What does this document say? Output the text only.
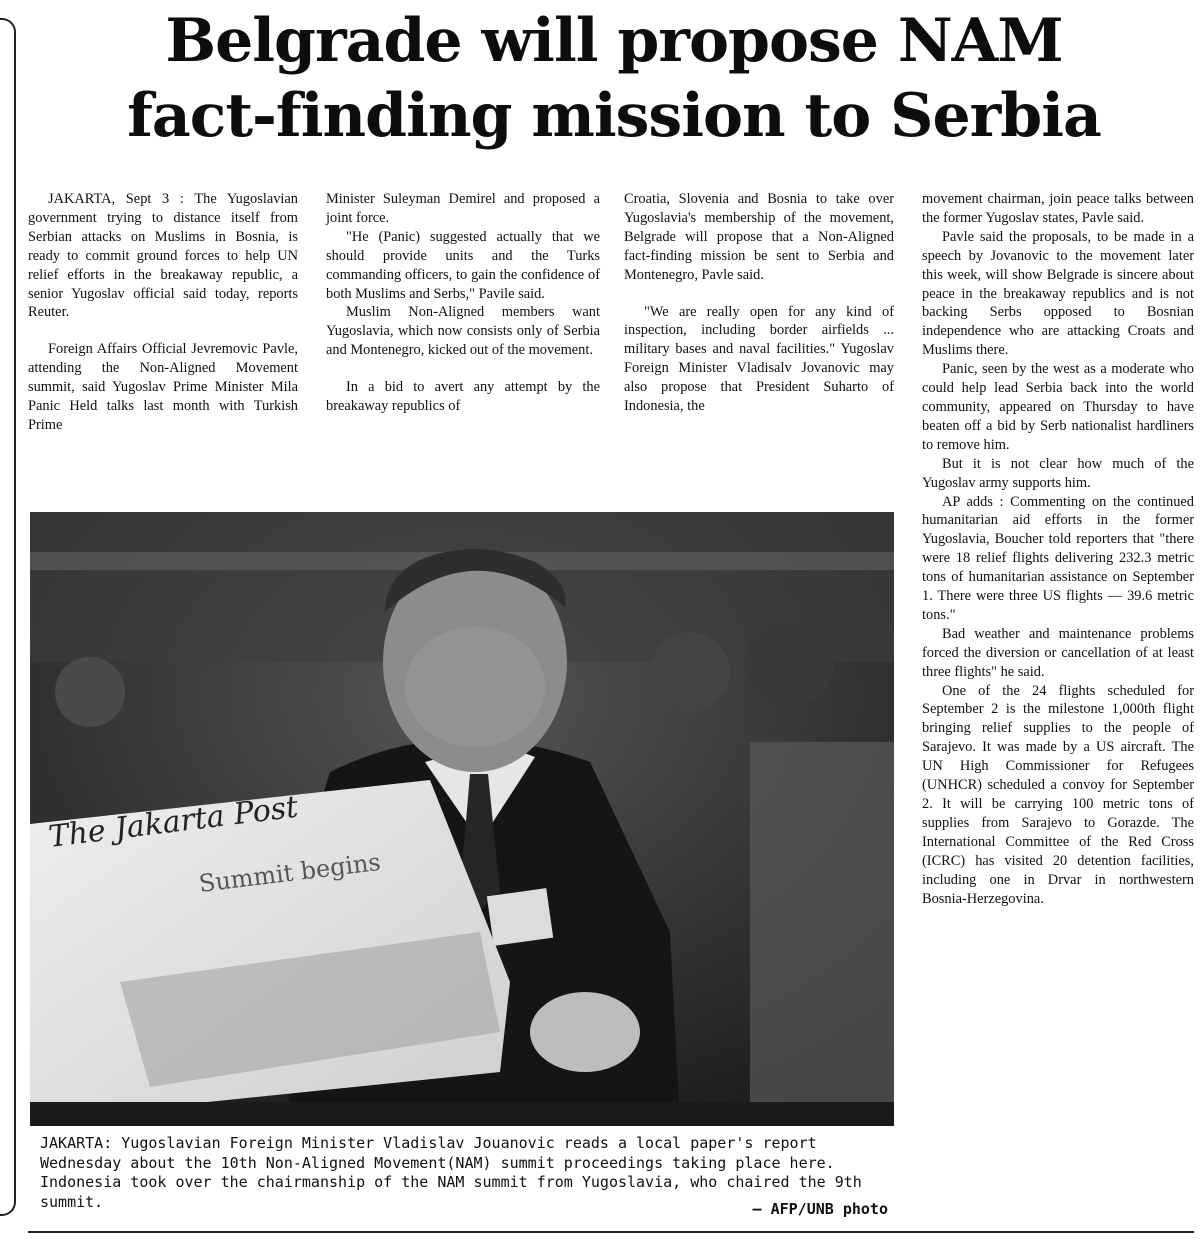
Belgrade will propose NAM
fact-finding mission to Serbia

JAKARTA, Sept 3 : The Yugoslavian government trying to distance itself from Serbian attacks on Muslims in Bosnia, is ready to commit ground forces to help UN relief efforts in the breakaway republic, a senior Yugoslav official said today, reports Reuter.

Foreign Affairs Official Jevremovic Pavle, attending the Non-Aligned Movement summit, said Yugoslav Prime Minister Mila Panic Held talks last month with Turkish Prime

Minister Suleyman Demirel and proposed a joint force.

"He (Panic) suggested actually that we should provide units and the Turks commanding officers, to gain the confidence of both Muslims and Serbs," Pavile said.

Muslim Non-Aligned members want Yugoslavia, which now consists only of Serbia and Montenegro, kicked out of the movement.

In a bid to avert any attempt by the breakaway republics of

Croatia, Slovenia and Bosnia to take over Yugoslavia's membership of the movement, Belgrade will propose that a Non-Aligned fact-finding mission be sent to Serbia and Montenegro, Pavle said.

"We are really open for any kind of inspection, including border airfields ... military bases and naval facilities." Yugoslav Foreign Minister Vladisalv Jovanovic may also propose that President Suharto of Indonesia, the

movement chairman, join peace talks between the former Yugoslav states, Pavle said.

Pavle said the proposals, to be made in a speech by Jovanovic to the movement later this week, will show Belgrade is sincere about peace in the breakaway republics and is not backing Serbs opposed to Bosnian independence who are attacking Croats and Muslims there.

Panic, seen by the west as a moderate who could help lead Serbia back into the world community, appeared on Thursday to have beaten off a bid by Serb nationalist hardliners to remove him.

But it is not clear how much of the Yugoslav army supports him.

AP adds : Commenting on the continued humanitarian aid efforts in the former Yugoslavia, Boucher told reporters that "there were 18 relief flights delivering 232.3 metric tons of humanitarian assistance on September 1. There were three US flights — 39.6 metric tons."

Bad weather and maintenance problems forced the diversion or cancellation of at least three flights" he said.

One of the 24 flights scheduled for September 2 is the milestone 1,000th flight bringing relief supplies to the people of Sarajevo. It was made by a US aircraft. The UN High Commissioner for Refugees (UNHCR) scheduled a convoy for September 2. It will be carrying 100 metric tons of supplies from Sarajevo to Gorazde. The International Committee of the Red Cross (ICRC) has visited 20 detention facilities, including one in Drvar in northwestern Bosnia-Herzegovina.

The Jakarta Post
Summit begins

JAKARTA: Yugoslavian Foreign Minister Vladislav Jouanovic reads a local paper's report Wednesday about the 10th Non-Aligned Movement(NAM) summit proceedings taking place here. Indonesia took over the chairmanship of the NAM summit from Yugoslavia, who chaired the 9th summit.	— AFP/UNB photo
